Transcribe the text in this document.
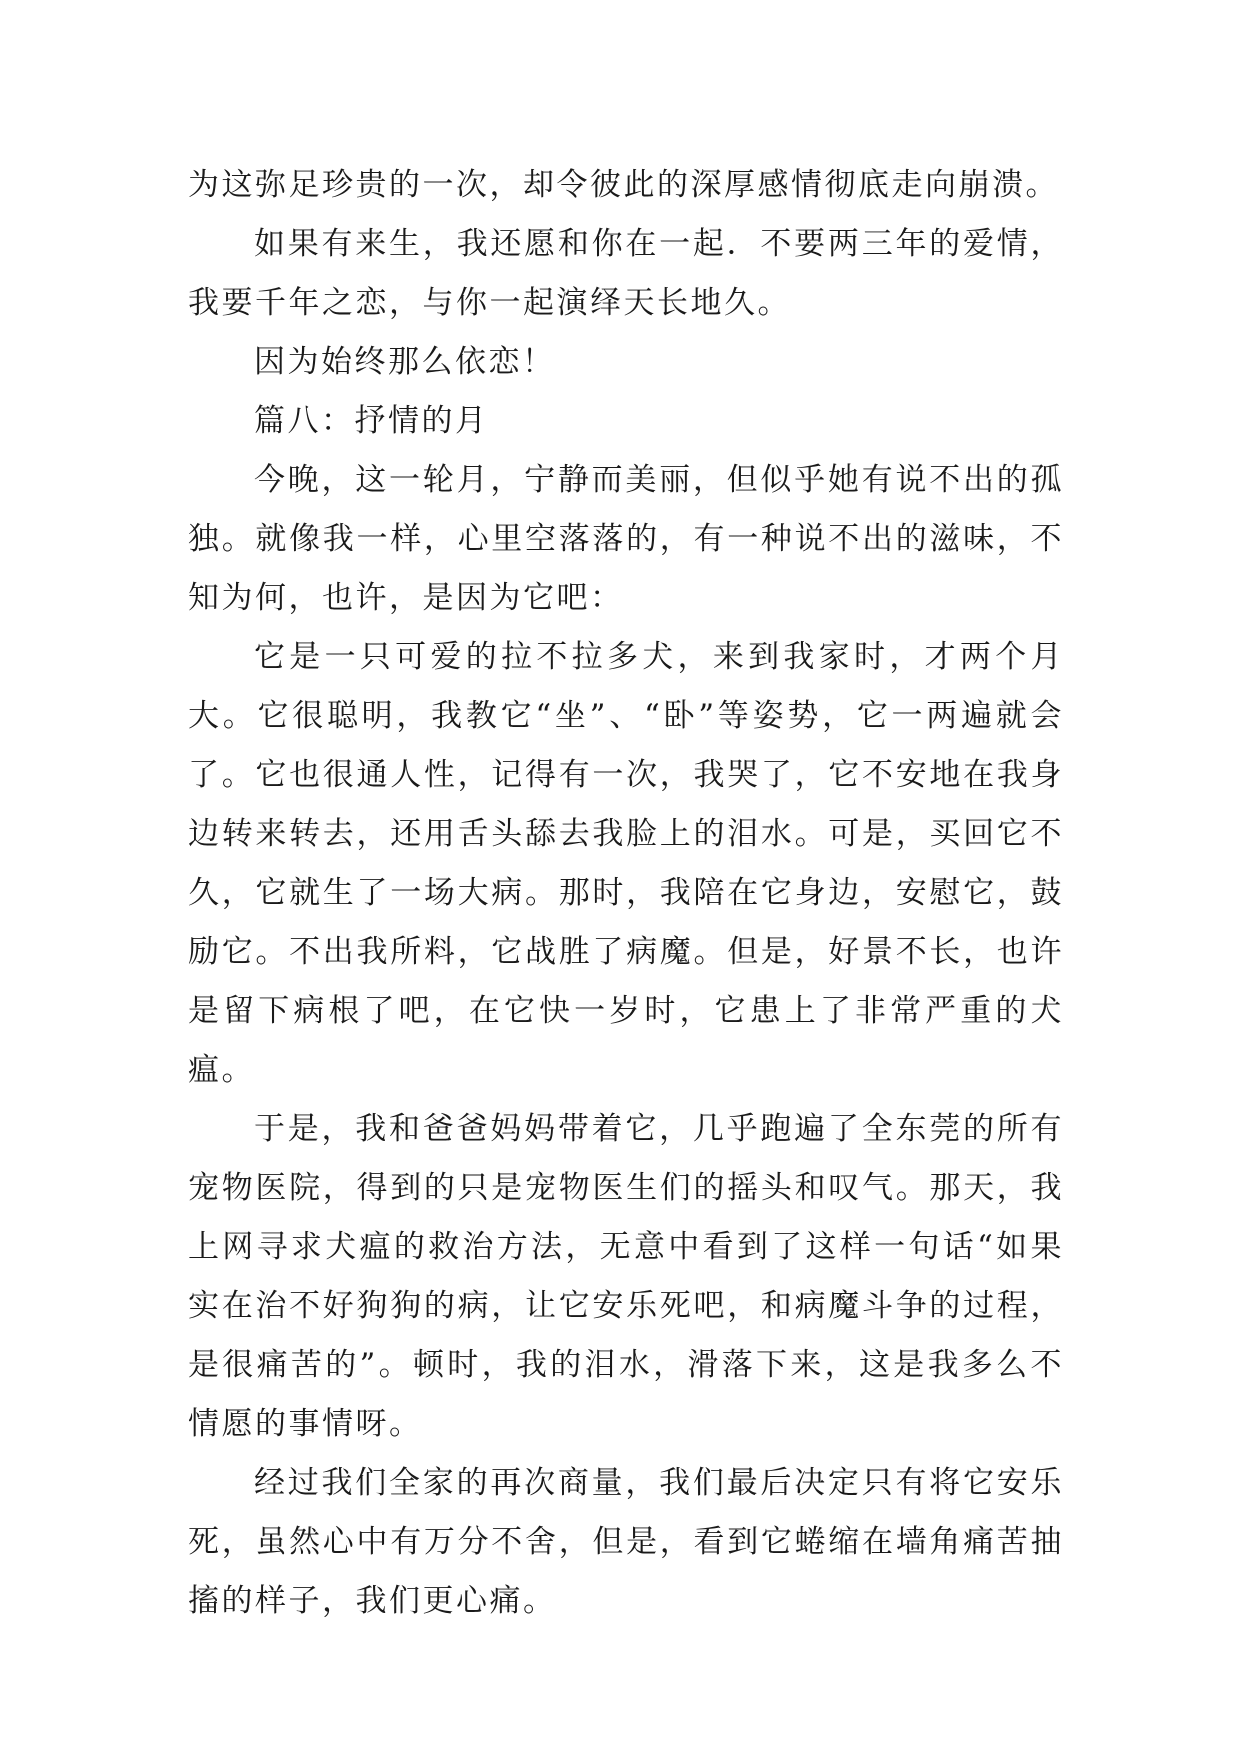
为这弥足珍贵的一次，却令彼此的深厚感情彻底走向崩溃。

如果有来生，我还愿和你在一起．不要两三年的爱情，我要千年之恋，与你一起演绎天长地久。

因为始终那么依恋！

篇八：抒情的月

今晚，这一轮月，宁静而美丽，但似乎她有说不出的孤独。就像我一样，心里空落落的，有一种说不出的滋味，不知为何，也许，是因为它吧：

它是一只可爱的拉不拉多犬，来到我家时，才两个月大。它很聪明，我教它“坐”、“卧”等姿势，它一两遍就会了。它也很通人性，记得有一次，我哭了，它不安地在我身边转来转去，还用舌头舔去我脸上的泪水。可是，买回它不久，它就生了一场大病。那时，我陪在它身边，安慰它，鼓励它。不出我所料，它战胜了病魔。但是，好景不长，也许是留下病根了吧，在它快一岁时，它患上了非常严重的犬瘟。

于是，我和爸爸妈妈带着它，几乎跑遍了全东莞的所有宠物医院，得到的只是宠物医生们的摇头和叹气。那天，我上网寻求犬瘟的救治方法，无意中看到了这样一句话“如果实在治不好狗狗的病，让它安乐死吧，和病魔斗争的过程，是很痛苦的”。顿时，我的泪水，滑落下来，这是我多么不情愿的事情呀。

经过我们全家的再次商量，我们最后决定只有将它安乐死，虽然心中有万分不舍，但是，看到它蜷缩在墙角痛苦抽搐的样子，我们更心痛。
